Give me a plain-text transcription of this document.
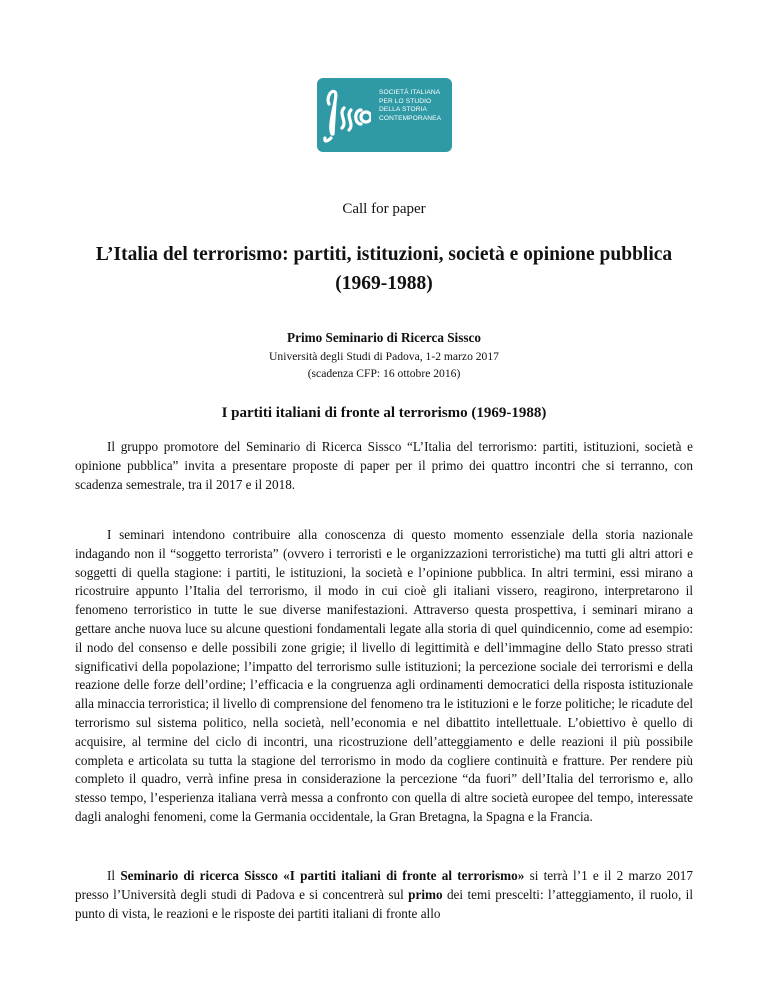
SOCIETÀ ITALIANA
PER LO STUDIO
DELLA STORIA
CONTEMPORANEA

Call for paper

L’Italia del terrorismo: partiti, istituzioni, società e opinione pubblica (1969-1988)

Primo Seminario di Ricerca Sissco

Università degli Studi di Padova, 1-2 marzo 2017

(scadenza CFP: 16 ottobre 2016)

I partiti italiani di fronte al terrorismo (1969-1988)

Il gruppo promotore del Seminario di Ricerca Sissco “L’Italia del terrorismo: partiti, istituzioni, società e opinione pubblica” invita a presentare proposte di paper per il primo dei quattro incontri che si terranno, con scadenza semestrale, tra il 2017 e il 2018.

I seminari intendono contribuire alla conoscenza di questo momento essenziale della storia nazionale indagando non il “soggetto terrorista” (ovvero i terroristi e le organizzazioni terroristiche) ma tutti gli altri attori e soggetti di quella stagione: i partiti, le istituzioni, la società e l’opinione pubblica. In altri termini, essi mirano a ricostruire appunto l’Italia del terrorismo, il modo in cui cioè gli italiani vissero, reagirono, interpretarono il fenomeno terroristico in tutte le sue diverse manifestazioni. Attraverso questa prospettiva, i seminari mirano a gettare anche nuova luce su alcune questioni fondamentali legate alla storia di quel quindicennio, come ad esempio: il nodo del consenso e delle possibili zone grigie; il livello di legittimità e dell’immagine dello Stato presso strati significativi della popolazione; l’impatto del terrorismo sulle istituzioni; la percezione sociale dei terrorismi e della reazione delle forze dell’ordine; l’efficacia e la congruenza agli ordinamenti democratici della risposta istituzionale alla minaccia terroristica; il livello di comprensione del fenomeno tra le istituzioni e le forze politiche; le ricadute del terrorismo sul sistema politico, nella società, nell’economia e nel dibattito intellettuale. L’obiettivo è quello di acquisire, al termine del ciclo di incontri, una ricostruzione dell’atteggiamento e delle reazioni il più possibile completa e articolata su tutta la stagione del terrorismo in modo da cogliere continuità e fratture. Per rendere più completo il quadro, verrà infine presa in considerazione la percezione “da fuori” dell’Italia del terrorismo e, allo stesso tempo, l’esperienza italiana verrà messa a confronto con quella di altre società europee del tempo, interessate dagli analoghi fenomeni, come la Germania occidentale, la Gran Bretagna, la Spagna e la Francia.

Il Seminario di ricerca Sissco «I partiti italiani di fronte al terrorismo» si terrà l’1 e il 2 marzo 2017 presso l’Università degli studi di Padova e si concentrerà sul primo dei temi prescelti: l’atteggiamento, il ruolo, il punto di vista, le reazioni e le risposte dei partiti italiani di fronte allo
